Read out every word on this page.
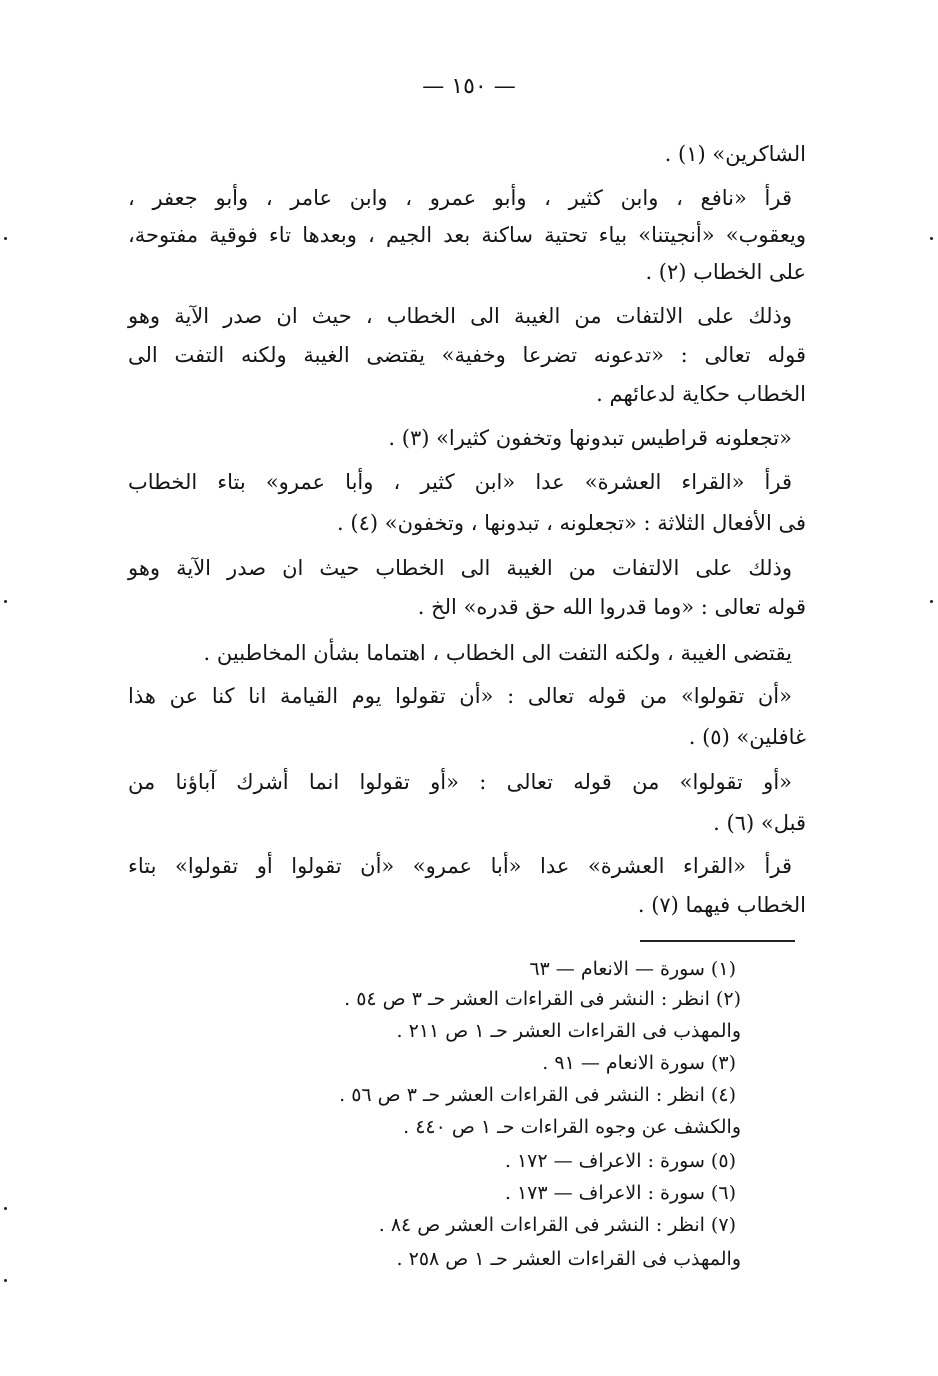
— ١٥٠ —
الشاكرين» (١) .
قرأ «نافع ، وابن كثير ، وأبو عمرو ، وابن عامر ، وأبو جعفر ،
ويعقوب» «أنجيتنا» بياء تحتية ساكنة بعد الجيم ، وبعدها تاء فوقية مفتوحة،
على الخطاب (٢) .
وذلك على الالتفات من الغيبة الى الخطاب ، حيث ان صدر الآية وهو
قوله تعالى : «تدعونه تضرعا وخفية» يقتضى الغيبة ولكنه التفت الى
الخطاب حكاية لدعائهم .
«تجعلونه قراطيس تبدونها وتخفون كثيرا» (٣) .
قرأ «القراء العشرة» عدا «ابن كثير ، وأبا عمرو» بتاء الخطاب
فى الأفعال الثلاثة : «تجعلونه ، تبدونها ، وتخفون» (٤) .
وذلك على الالتفات من الغيبة الى الخطاب حيث ان صدر الآية وهو
قوله تعالى : «وما قدروا الله حق قدره» الخ .
يقتضى الغيبة ، ولكنه التفت الى الخطاب ، اهتماما بشأن المخاطبين .
«أن تقولوا» من قوله تعالى : «أن تقولوا يوم القيامة انا كنا عن هذا
غافلين» (٥) .
«أو تقولوا» من قوله تعالى : «أو تقولوا انما أشرك آباؤنا من
قبل» (٦) .
قرأ «القراء العشرة» عدا «أبا عمرو» «أن تقولوا أو تقولوا» بتاء
الخطاب فيهما (٧) .
(١) سورة — الانعام — ٦٣
(٢) انظر : النشر فى القراءات العشر حـ ٣ ص ٥٤ .
والمهذب فى القراءات العشر حـ ١ ص ٢١١ .
(٣) سورة الانعام — ٩١ .
(٤) انظر : النشر فى القراءات العشر حـ ٣ ص ٥٦ .
والكشف عن وجوه القراءات حـ ١ ص ٤٤٠ .
(٥) سورة : الاعراف — ١٧٢ .
(٦) سورة : الاعراف — ١٧٣ .
(٧) انظر : النشر فى القراءات العشر ص ٨٤ .
والمهذب فى القراءات العشر حـ ١ ص ٢٥٨ .
